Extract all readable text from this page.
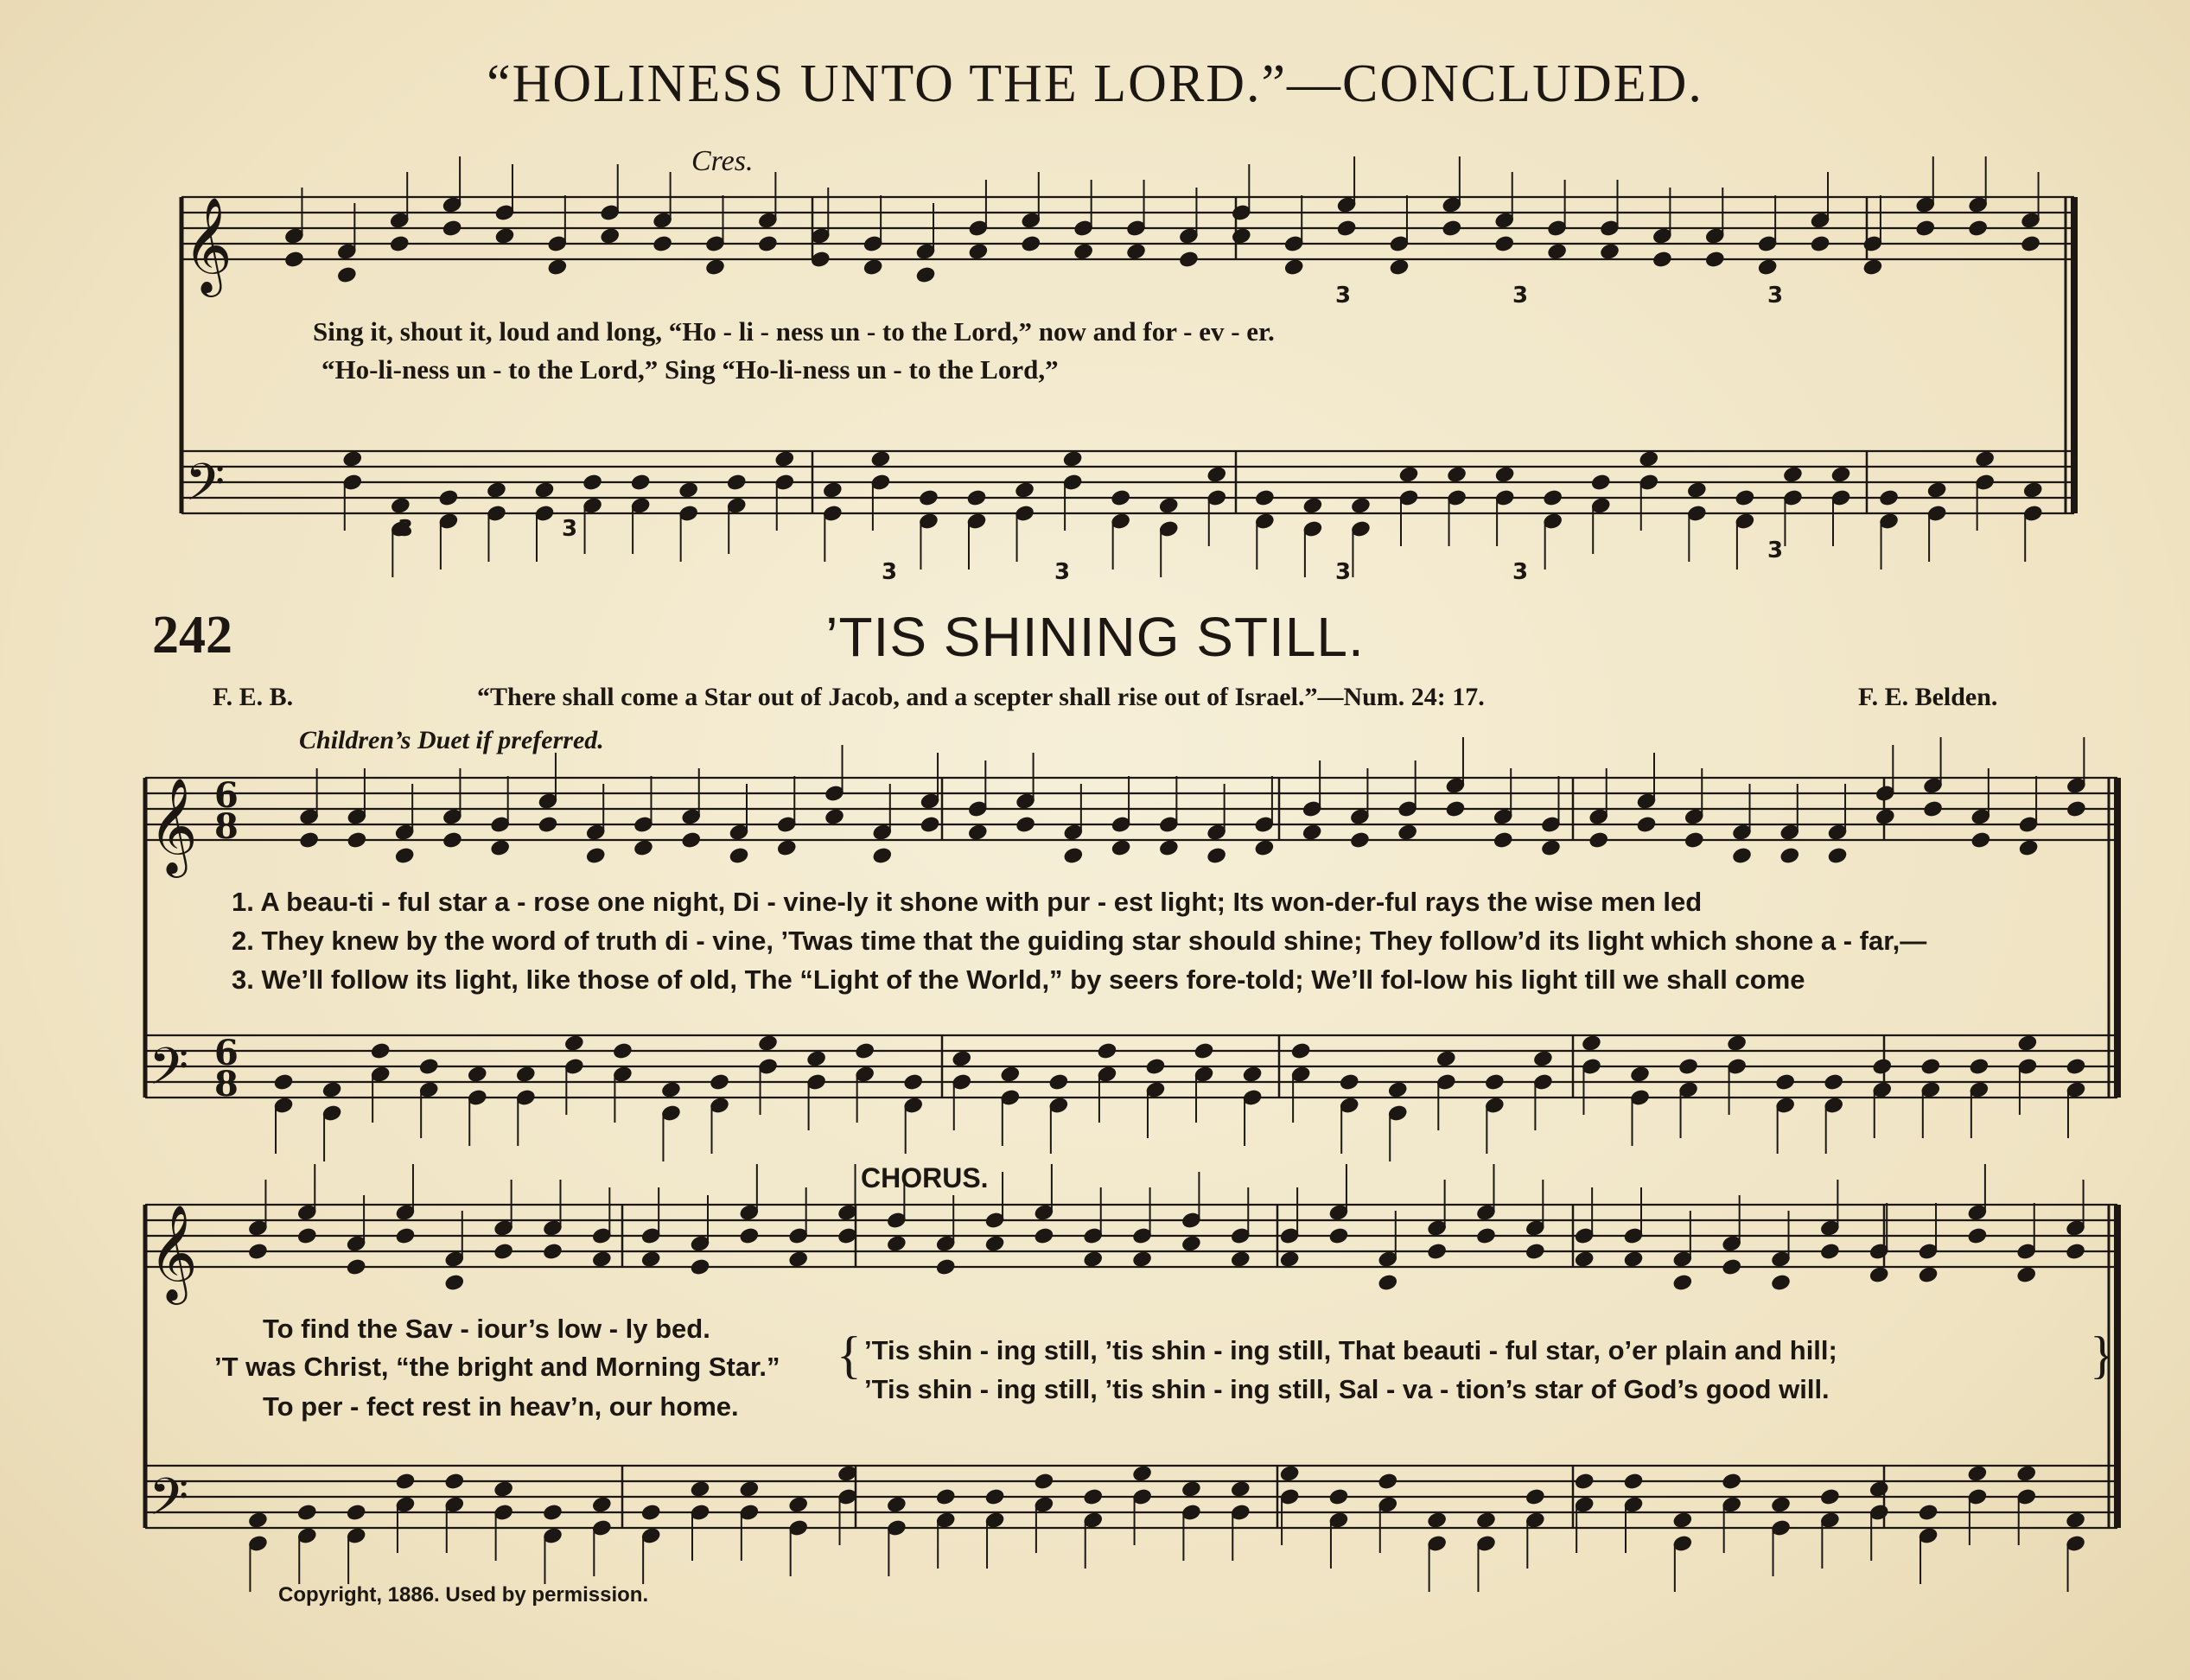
𝄞
𝄢
𝄞
𝄢
𝄞
𝄢
6
8
6
8
3	3
3	3	3	3
3	3	3
3
“HOLINESS UNTO THE LORD.”—CONCLUDED.
Cres.
Sing it, shout it, loud and long, “Ho - li - ness un - to the Lord,” now and for - ev - er.
“Ho-li-ness un - to the Lord,” Sing “Ho-li-ness un - to the Lord,”
242	’TIS SHINING STILL.
F. E. B.	“There shall come a Star out of Jacob, and a scepter shall rise out of Israel.”—Num. 24: 17.	F. E. Belden.
Children’s Duet if preferred.
1. A beau-ti - ful star a - rose one night, Di - vine-ly it shone with pur - est light; Its won-der-ful rays the wise men led
2. They knew by the word of truth di - vine, ’Twas time that the guiding star should shine; They follow’d its light which shone a - far,—
3. We’ll follow its light, like those of old, The “Light of the World,” by seers fore-told; We’ll fol-low his light till we shall come
CHORUS.
To find the Sav - iour’s low - ly bed.
’T was Christ, “the bright and Morning Star.”
To per - fect rest in heav’n, our home.
{ ’Tis shin - ing still, ’tis shin - ing still, That beauti - ful star, o’er plain and hill;
’Tis shin - ing still, ’tis shin - ing still, Sal - va - tion’s star of God’s good will.
}
Copyright, 1886. Used by permission.
